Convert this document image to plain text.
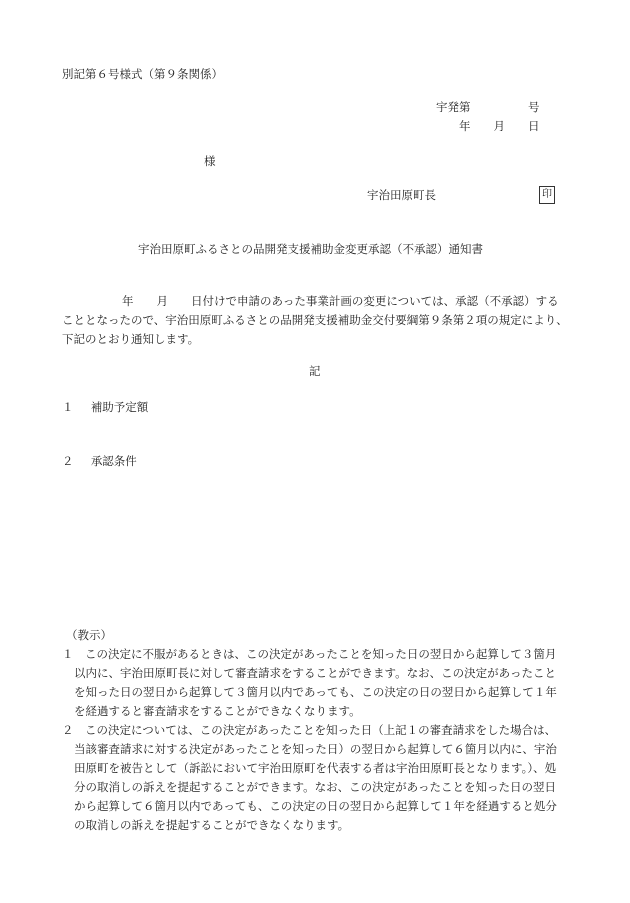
別記第６号様式（第９条関係）
宇発第　　　　　号
年　　月　　日
様
宇治田原町長	印
宇治田原町ふるさとの品開発支援補助金変更承認（不承認）通知書
年　　月　　日付けで申請のあった事業計画の変更については、承認（不承認）する
こととなったので、宇治田原町ふるさとの品開発支援補助金交付要綱第９条第２項の規定により、
下記のとおり通知します。
記
１ 補助予定額
２ 承認条件
（教示）
１　この決定に不服があるときは、この決定があったことを知った日の翌日から起算して３箇月
以内に、宇治田原町長に対して審査請求をすることができます。なお、この決定があったこと
を知った日の翌日から起算して３箇月以内であっても、この決定の日の翌日から起算して１年
を経過すると審査請求をすることができなくなります。
２　この決定については、この決定があったことを知った日（上記１の審査請求をした場合は、
当該審査請求に対する決定があったことを知った日）の翌日から起算して６箇月以内に、宇治
田原町を被告として（訴訟において宇治田原町を代表する者は宇治田原町長となります。）、処
分の取消しの訴えを提起することができます。なお、この決定があったことを知った日の翌日
から起算して６箇月以内であっても、この決定の日の翌日から起算して１年を経過すると処分
の取消しの訴えを提起することができなくなります。
